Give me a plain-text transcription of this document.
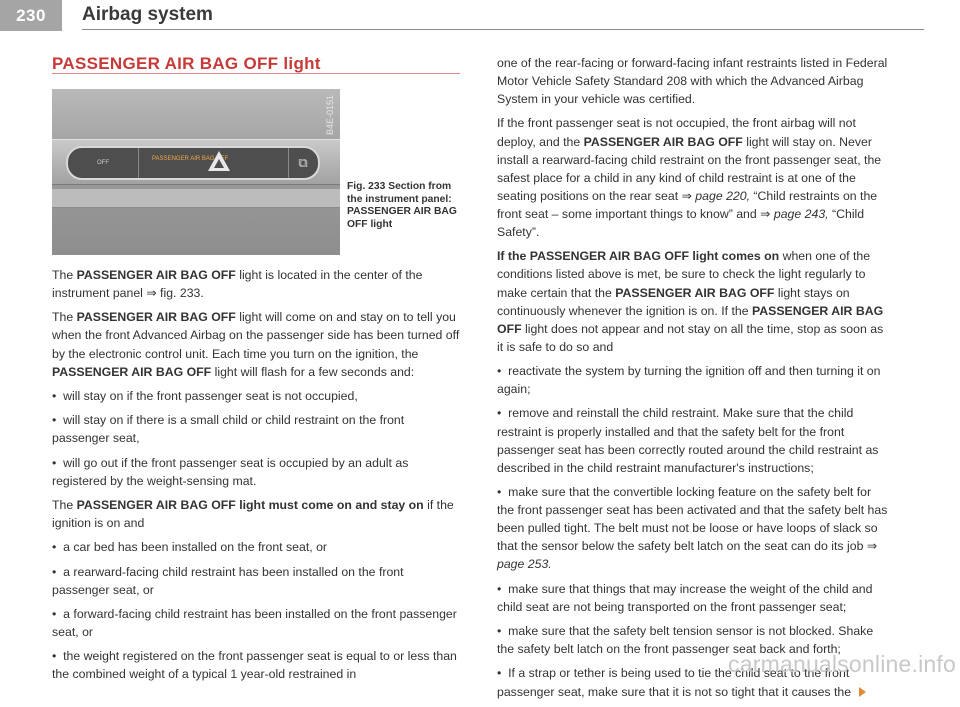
230	Airbag system
PASSENGER AIR BAG OFF light
B4E-0151
OFF
PASSENGER AIR BAG OFF	⧉
Fig. 233 Section from the instrument panel: PASSENGER AIR BAG OFF light

The PASSENGER AIR BAG OFF light is located in the center of the instrument panel ⇒ fig. 233.

The PASSENGER AIR BAG OFF light will come on and stay on to tell you when the front Advanced Airbag on the passenger side has been turned off by the electronic control unit. Each time you turn on the ignition, the PASSENGER AIR BAG OFF light will flash for a few seconds and:

•  will stay on if the front passenger seat is not occupied,

•  will stay on if there is a small child or child restraint on the front passenger seat,

•  will go out if the front passenger seat is occupied by an adult as registered by the weight-sensing mat.

The PASSENGER AIR BAG OFF light must come on and stay on if the ignition is on and

•  a car bed has been installed on the front seat, or

•  a rearward-facing child restraint has been installed on the front passenger seat, or

•  a forward-facing child restraint has been installed on the front passenger seat, or

•  the weight registered on the front passenger seat is equal to or less than the combined weight of a typical 1 year-old restrained in

one of the rear-facing or forward-facing infant restraints listed in Federal Motor Vehicle Safety Standard 208 with which the Advanced Airbag System in your vehicle was certified.

If the front passenger seat is not occupied, the front airbag will not deploy, and the PASSENGER AIR BAG OFF light will stay on. Never install a rearward-facing child restraint on the front passenger seat, the safest place for a child in any kind of child restraint is at one of the seating positions on the rear seat ⇒ page 220, “Child restraints on the front seat – some important things to know” and ⇒ page 243, “Child Safety”.

If the PASSENGER AIR BAG OFF light comes on when one of the conditions listed above is met, be sure to check the light regularly to make certain that the PASSENGER AIR BAG OFF light stays on continuously whenever the ignition is on. If the PASSENGER AIR BAG OFF light does not appear and not stay on all the time, stop as soon as it is safe to do so and

•  reactivate the system by turning the ignition off and then turning it on again;

•  remove and reinstall the child restraint. Make sure that the child restraint is properly installed and that the safety belt for the front passenger seat has been correctly routed around the child restraint as described in the child restraint manufacturer's instructions;

•  make sure that the convertible locking feature on the safety belt for the front passenger seat has been activated and that the safety belt has been pulled tight. The belt must not be loose or have loops of slack so that the sensor below the safety belt latch on the seat can do its job ⇒ page 253.

•  make sure that things that may increase the weight of the child and child seat are not being transported on the front passenger seat;

•  make sure that the safety belt tension sensor is not blocked. Shake the safety belt latch on the front passenger seat back and forth;

•  If a strap or tether is being used to tie the child seat to the front passenger seat, make sure that it is not so tight that it causes the

carmanualsonline.info
